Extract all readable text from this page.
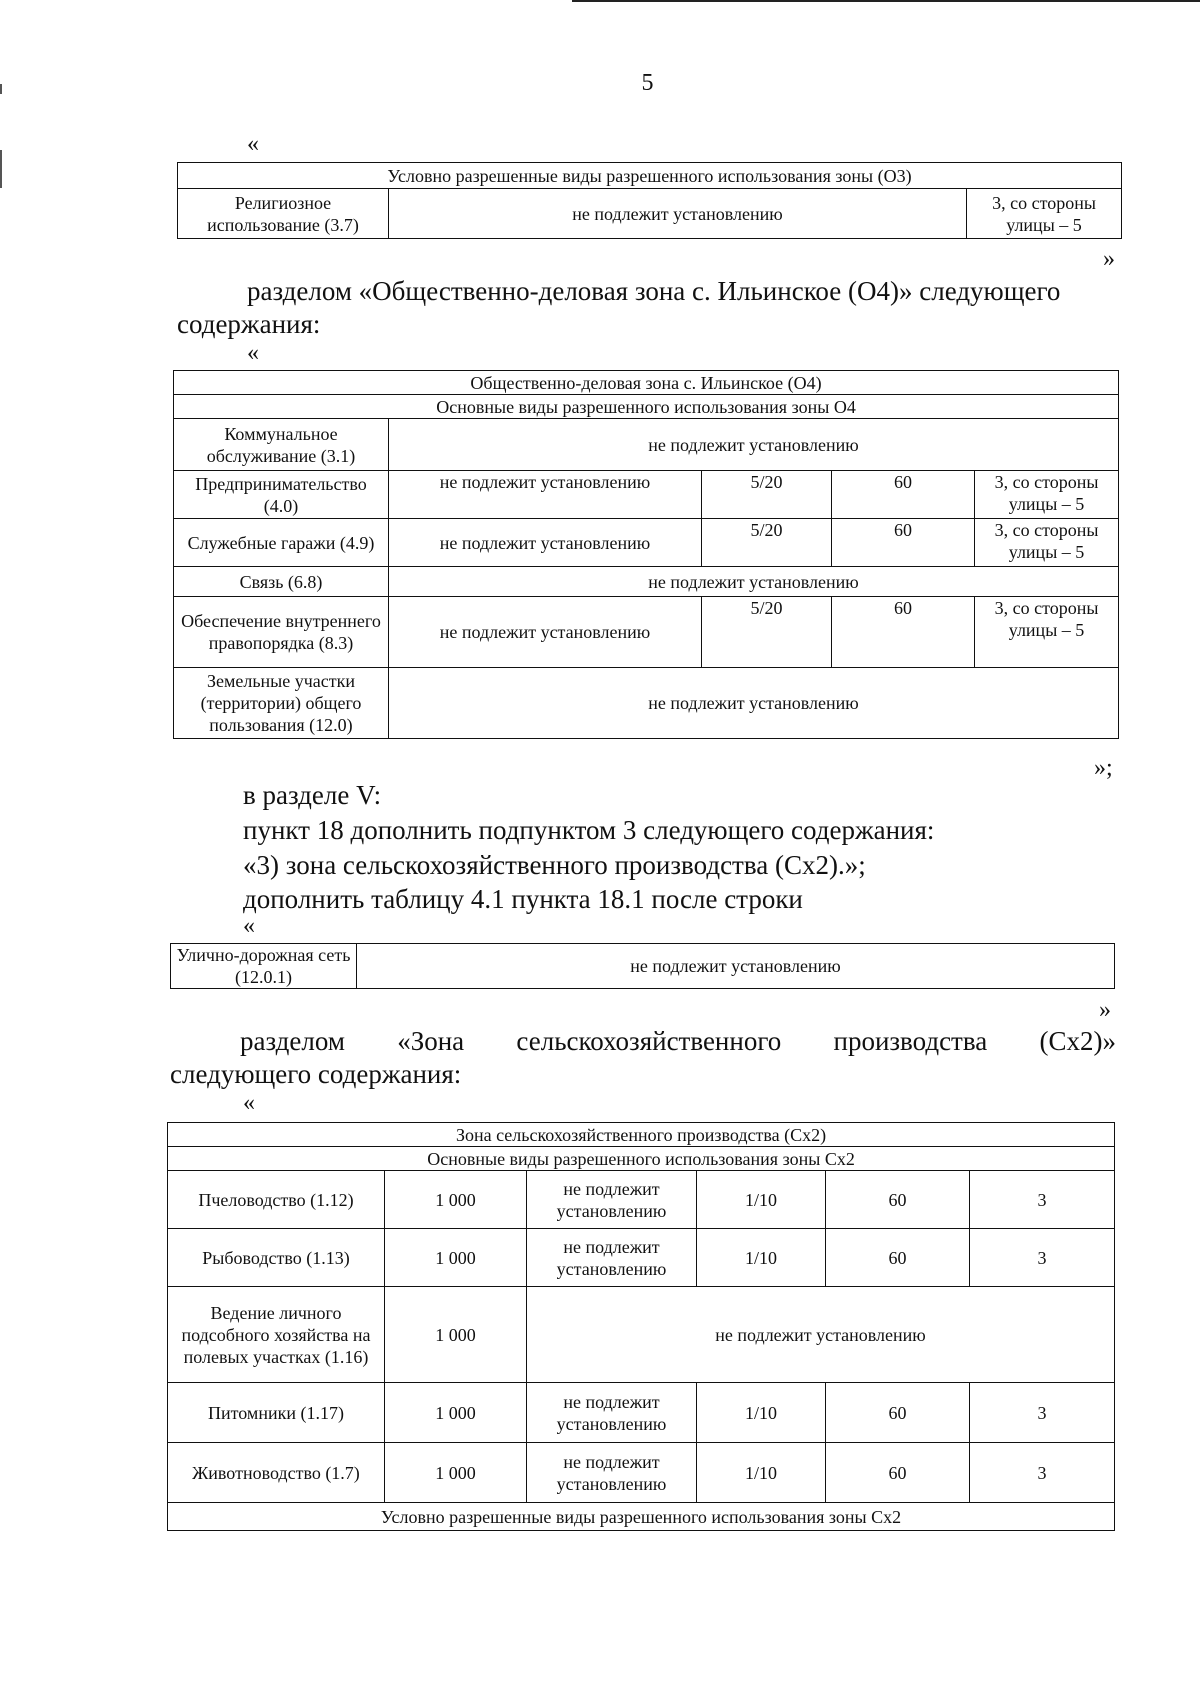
5
«
Условно разрешенные виды разрешенного использования зоны (О3)
Религиозное использование (3.7)	не подлежит установлению	3, со стороны улицы – 5
»
разделом «Общественно-деловая зона с. Ильинское (О4)» следующего
содержания:
«
Общественно-деловая зона с. Ильинское (О4)				
Основные виды разрешенного использования зоны О4				
Коммунальное обслуживание (3.1)	не подлежит установлению			
Предпринимательство (4.0)	не подлежит установлению	5/20	60	3, со стороны улицы – 5
Служебные гаражи (4.9)	не подлежит установлению	5/20	60	3, со стороны улицы – 5
Связь (6.8)	не подлежит установлению			
Обеспечение внутреннего правопорядка (8.3)	не подлежит установлению	5/20	60	3, со стороны улицы – 5
Земельные участки (территории) общего пользования (12.0)	не подлежит установлению			
»;
в разделе V:
пункт 18 дополнить подпунктом 3 следующего содержания:
«3) зона сельскохозяйственного производства (Сх2).»;
дополнить таблицу 4.1 пункта 18.1 после строки
«
Улично-дорожная сеть (12.0.1)	не подлежит установлению
»
разделом «Зона сельскохозяйственного производства (Сх2)»
следующего содержания:
«
Зона сельскохозяйственного производства (Сх2)					
Основные виды разрешенного использования зоны Сх2					
Пчеловодство (1.12)	1 000	не подлежит установлению	1/10	60	3
Рыбоводство (1.13)	1 000	не подлежит установлению	1/10	60	3
Ведение личного подсобного хозяйства на полевых участках (1.16)	1 000	не подлежит установлению			
Питомники (1.17)	1 000	не подлежит установлению	1/10	60	3
Животноводство (1.7)	1 000	не подлежит установлению	1/10	60	3
Условно разрешенные виды разрешенного использования зоны Сх2					
